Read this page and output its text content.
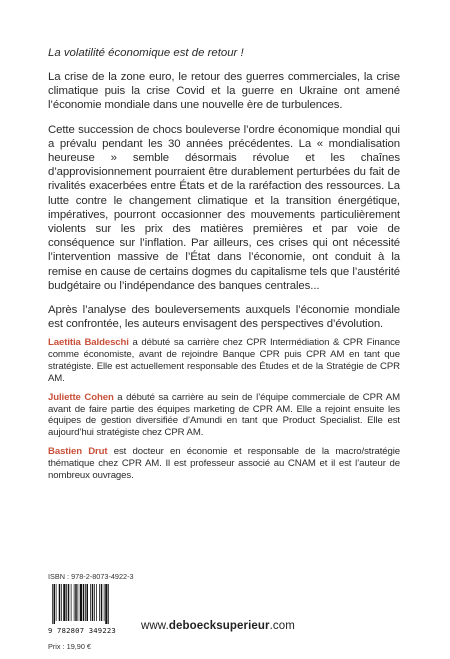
La volatilité économique est de retour !

La crise de la zone euro, le retour des guerres commerciales, la crise climatique puis la crise Covid et la guerre en Ukraine ont amené l’économie mondiale dans une nouvelle ère de turbulences.

Cette succession de chocs bouleverse l’ordre économique mondial qui a prévalu pendant les 30 années précédentes. La « mondialisation heureuse » semble désormais révolue et les chaînes d’approvisionnement pourraient être durablement perturbées du fait de rivalités exacerbées entre États et de la raréfaction des ressources. La lutte contre le changement climatique et la transition énergétique, impératives, pourront occasionner des mouvements particulièrement violents sur les prix des matières premières et par voie de conséquence sur l’inflation. Par ailleurs, ces crises qui ont nécessité l’intervention massive de l’État dans l’économie, ont conduit à la remise en cause de certains dogmes du capitalisme tels que l’austérité budgétaire ou l’indépendance des banques centrales...

Après l’analyse des bouleversements auxquels l’économie mondiale est confrontée, les auteurs envisagent des perspectives d’évolution.

Laetitia Baldeschi a débuté sa carrière chez CPR Intermédiation & CPR Finance comme économiste, avant de rejoindre Banque CPR puis CPR AM en tant que stratégiste. Elle est actuellement responsable des Études et de la Stratégie de CPR AM.

Juliette Cohen a débuté sa carrière au sein de l’équipe commerciale de CPR AM avant de faire partie des équipes marketing de CPR AM. Elle a rejoint ensuite les équipes de gestion diversifiée d’Amundi en tant que Product Specialist. Elle est aujourd’hui stratégiste chez CPR AM.

Bastien Drut est docteur en économie et responsable de la macro/stratégie thématique chez CPR AM. Il est professeur associé au CNAM et il est l’auteur de nombreux ouvrages.

ISBN : 978-2-8073-4922-3
9 782807 349223
Prix : 19,90 €
www.deboecksuperieur.com
